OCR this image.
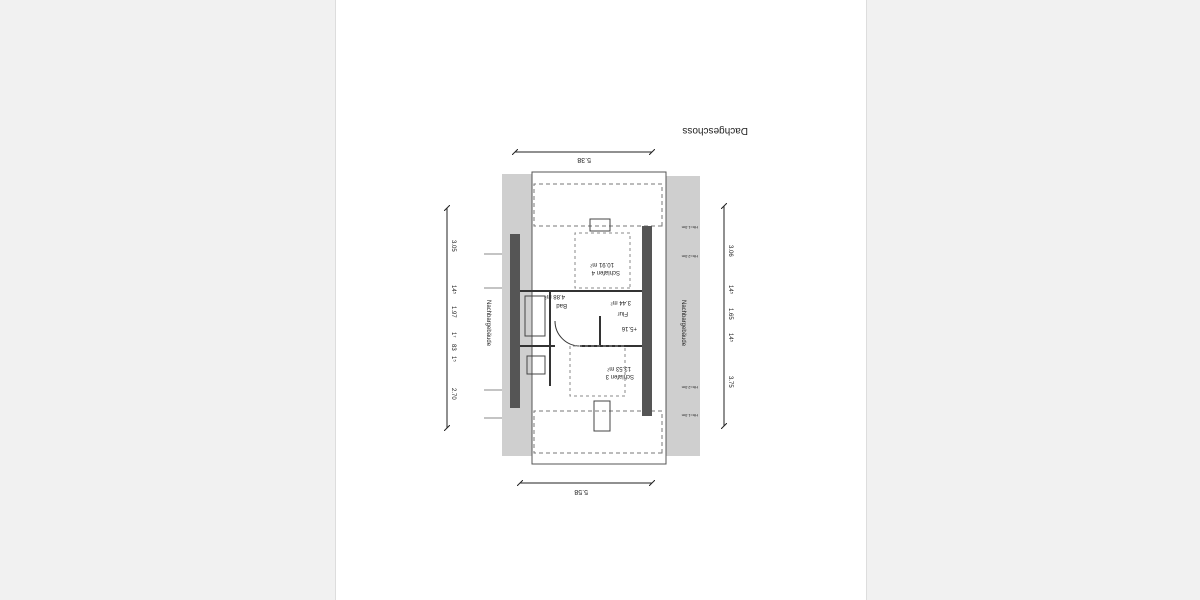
Dachgeschoss
5.38
5.58
3.05
14⁵
1.97
1⁷
83
1⁵
2.70
3.06
14⁵
1.65
14⁵
3.75
Nachbargebäude	Nachbargebäude
Schlafen 4
10.91 m²
Bad
4.88 m²
Flur
3.44 m²
Schlafen 3
13.53 m²
+5.16
Hh=1.0m
Hh=2.0m
Hh=2.0m
Hh=1.0m
